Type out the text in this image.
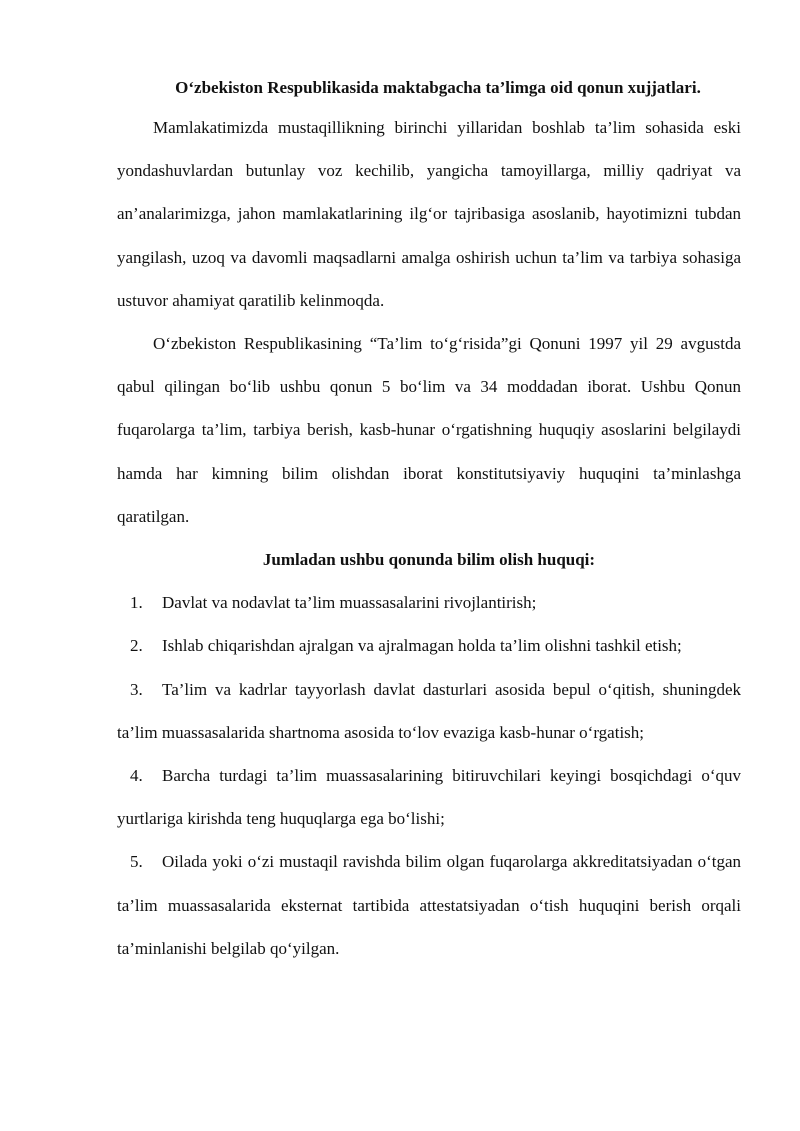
O‘zbekiston Respublikasida maktabgacha ta’limga oid qonun xujjatlari.

Mamlakatimizda mustaqillikning birinchi yillaridan boshlab ta’lim sohasida eski yondashuvlardan butunlay voz kechilib, yangicha tamoyillarga, milliy qadriyat va an’analarimizga, jahon mamlakatlarining ilg‘or tajribasiga asoslanib, hayotimizni tubdan yangilash, uzoq va davomli maqsadlarni amalga oshirish uchun ta’lim va tarbiya sohasiga ustuvor ahamiyat qaratilib kelinmoqda.

O‘zbekiston Respublikasining “Ta’lim to‘g‘risida”gi Qonuni 1997 yil 29 avgustda qabul qilingan bo‘lib ushbu qonun 5 bo‘lim va 34 moddadan iborat. Ushbu Qonun fuqarolarga ta’lim, tarbiya berish, kasb-hunar o‘rgatishning huquqiy asoslarini belgilaydi hamda har kimning bilim olishdan iborat konstitutsiyaviy huquqini ta’minlashga qaratilgan.

Jumladan ushbu qonunda bilim olish huquqi:
1. Davlat va nodavlat ta’lim muassasalarini rivojlantirish;
2. Ishlab chiqarishdan ajralgan va ajralmagan holda ta’lim olishni tashkil etish;
3. Ta’lim va kadrlar tayyorlash davlat dasturlari asosida bepul o‘qitish, shuningdek ta’lim muassasalarida shartnoma asosida to‘lov evaziga kasb-hunar o‘rgatish;
4. Barcha turdagi ta’lim muassasalarining bitiruvchilari keyingi bosqichdagi o‘quv yurtlariga kirishda teng huquqlarga ega bo‘lishi;
5. Oilada yoki o‘zi mustaqil ravishda bilim olgan fuqarolarga akkreditatsiyadan o‘tgan ta’lim muassasalarida eksternat tartibida attestatsiyadan o‘tish huquqini berish orqali ta’minlanishi belgilab qo‘yilgan.
